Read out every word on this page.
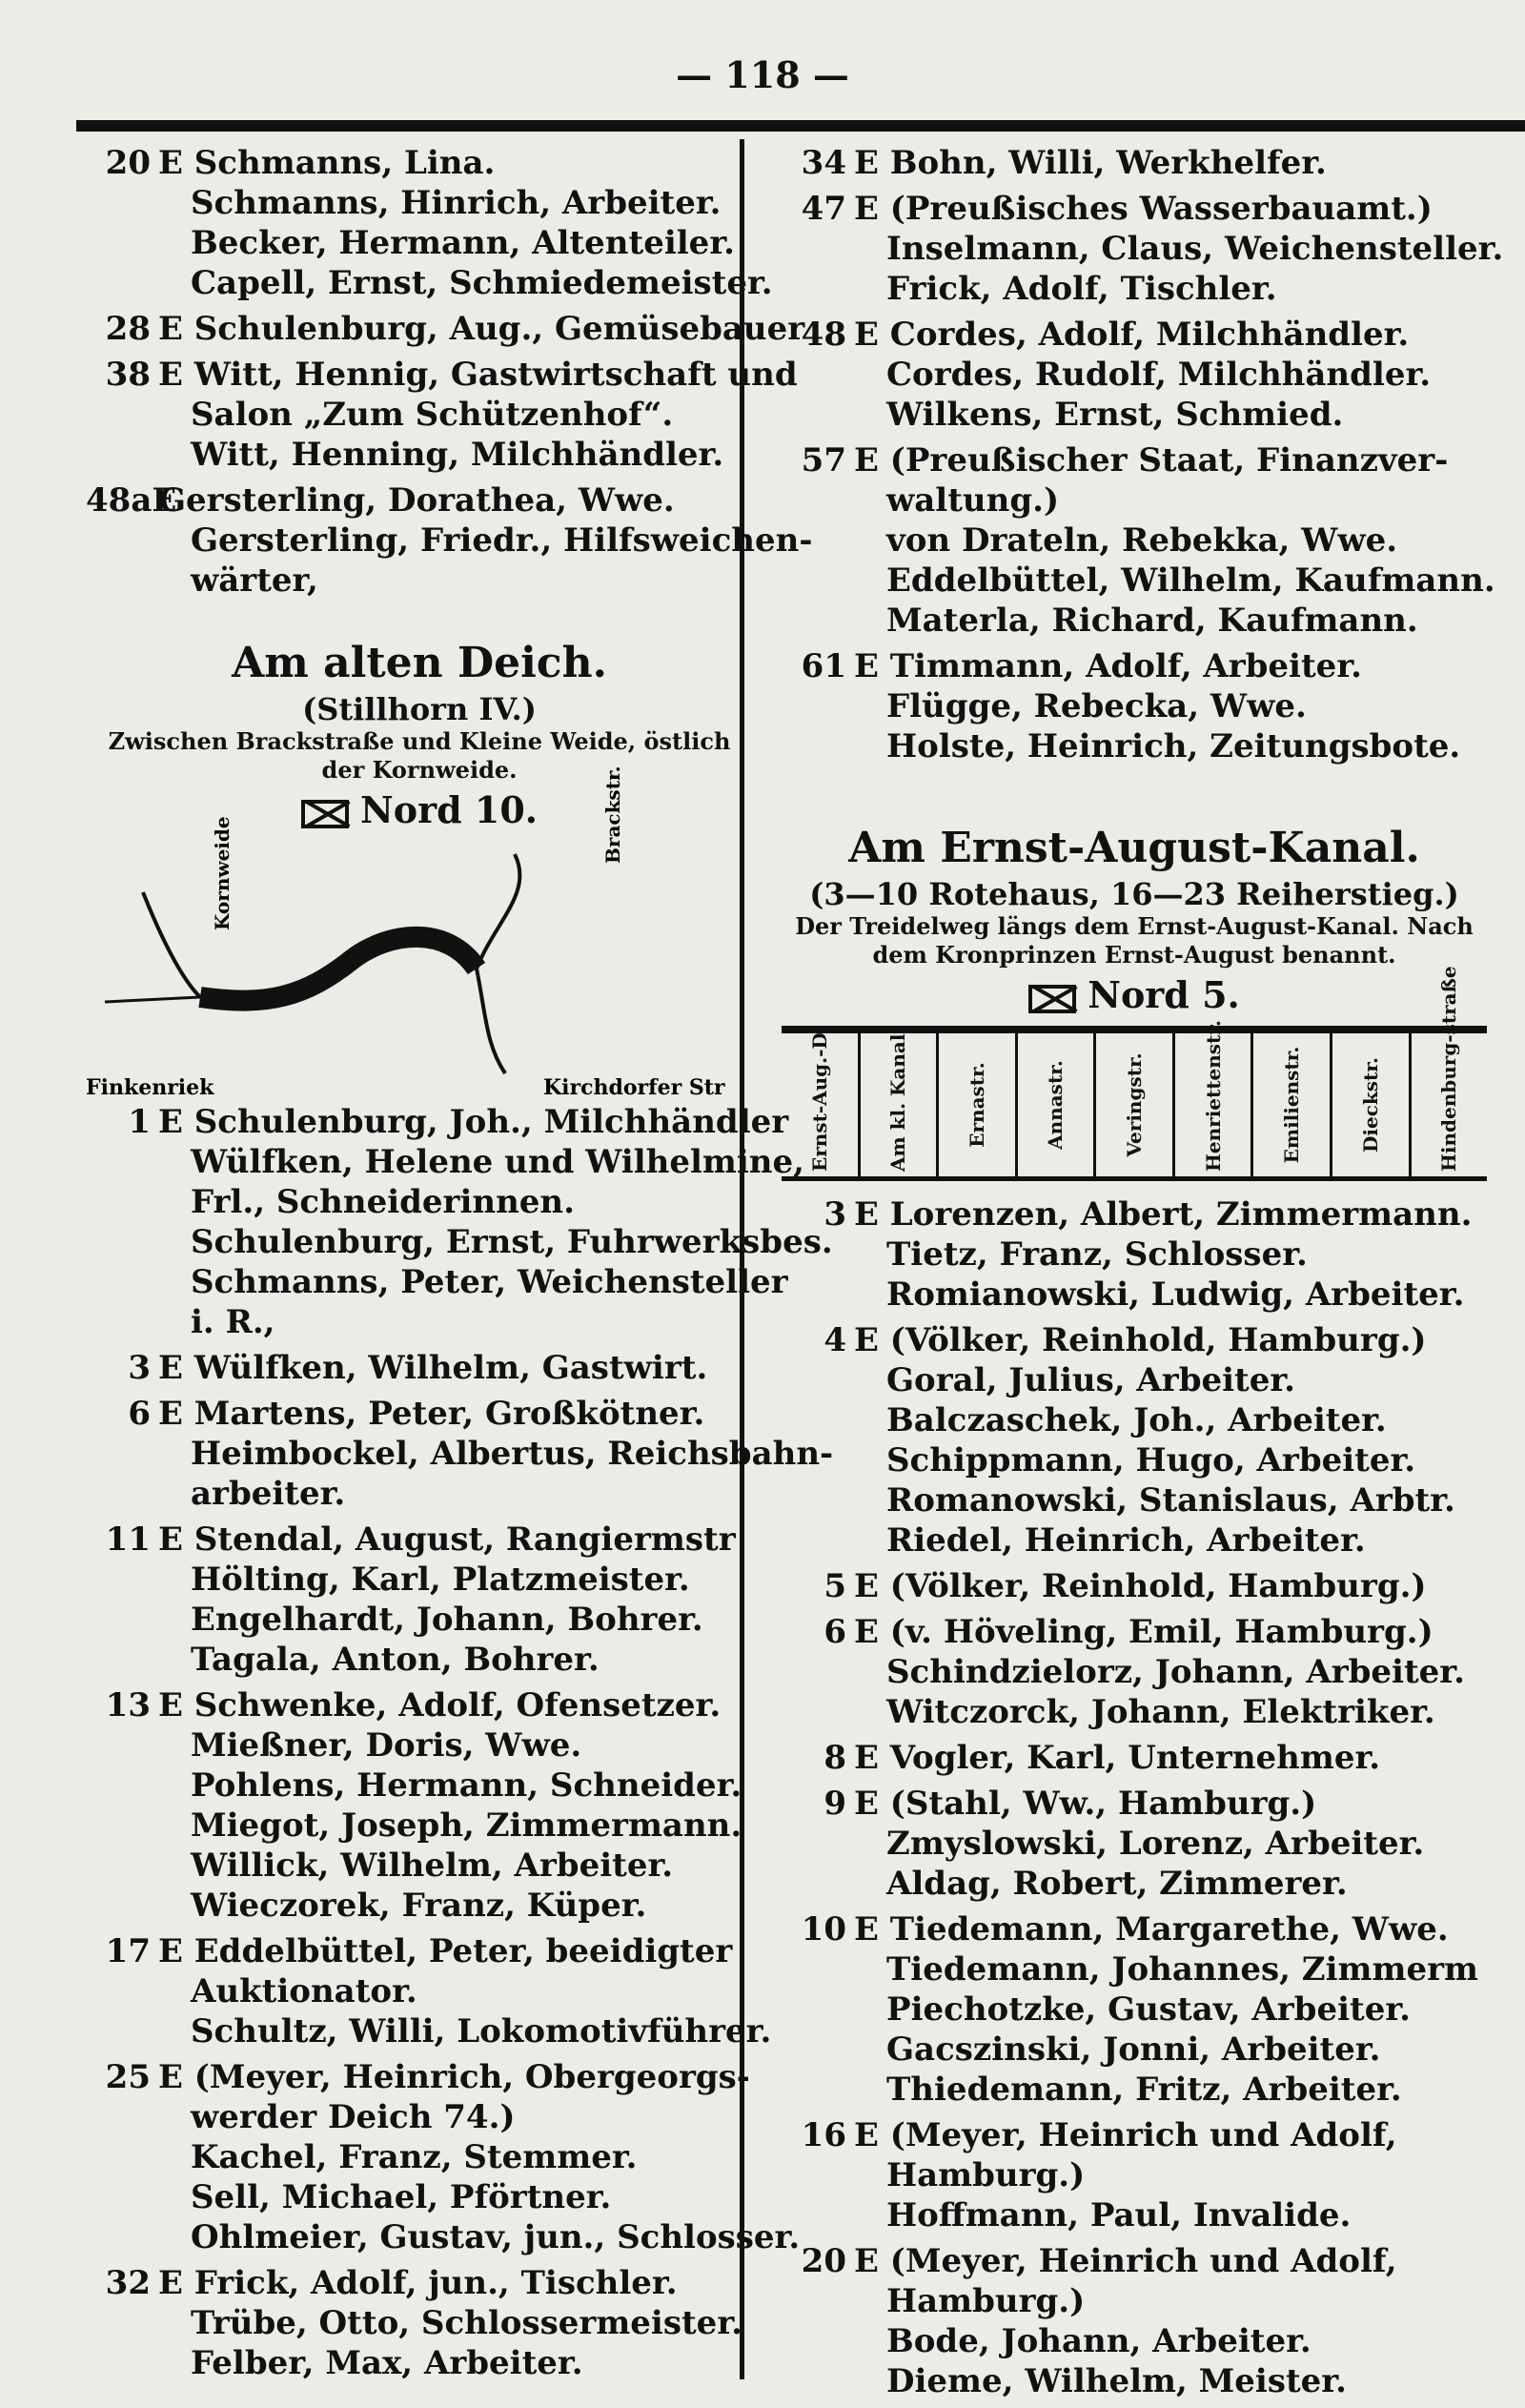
— 118 —
20 E Schmanns, Lina.
Schmanns, Hinrich, Arbeiter.
Becker, Hermann, Altenteiler.
Capell, Ernst, Schmiedemeister.
28 E Schulenburg, Aug., Gemüsebauer
38 E Witt, Hennig, Gastwirtschaft und
Salon „Zum Schützenhof“.
Witt, Henning, Milchhändler.
48aEGersterling, Dorathea, Wwe.
Gersterling, Friedr., Hilfsweichen-
wärter,
Am alten Deich.
(Stillhorn IV.)
Zwischen Brackstraße und Kleine Weide, östlich der Kornweide.
Nord 10.
Kornweide
Brackstr.
Finkenriek	Kirchdorfer Str
1 E Schulenburg, Joh., Milchhändler
Wülfken, Helene und Wilhelmine,
Frl., Schneiderinnen.
Schulenburg, Ernst, Fuhrwerksbes.
Schmanns, Peter, Weichensteller
i. R.,
3 E Wülfken, Wilhelm, Gastwirt.
6 E Martens, Peter, Großkötner.
Heimbockel, Albertus, Reichsbahn-
arbeiter.
11 E Stendal, August, Rangiermstr
Hölting, Karl, Platzmeister.
Engelhardt, Johann, Bohrer.
Tagala, Anton, Bohrer.
13 E Schwenke, Adolf, Ofensetzer.
Mießner, Doris, Wwe.
Pohlens, Hermann, Schneider.
Miegot, Joseph, Zimmermann.
Willick, Wilhelm, Arbeiter.
Wieczorek, Franz, Küper.
17 E Eddelbüttel, Peter, beeidigter
Auktionator.
Schultz, Willi, Lokomotivführer.
25 E (Meyer, Heinrich, Obergeorgs-
werder Deich 74.)
Kachel, Franz, Stemmer.
Sell, Michael, Pförtner.
Ohlmeier, Gustav, jun., Schlosser.
32 E Frick, Adolf, jun., Tischler.
Trübe, Otto, Schlossermeister.
Felber, Max, Arbeiter.
34 E Bohn, Willi, Werkhelfer.
47 E (Preußisches Wasserbauamt.)
Inselmann, Claus, Weichensteller.
Frick, Adolf, Tischler.
48 E Cordes, Adolf, Milchhändler.
Cordes, Rudolf, Milchhändler.
Wilkens, Ernst, Schmied.
57 E (Preußischer Staat, Finanzver-
waltung.)
von Drateln, Rebekka, Wwe.
Eddelbüttel, Wilhelm, Kaufmann.
Materla, Richard, Kaufmann.
61 E Timmann, Adolf, Arbeiter.
Flügge, Rebecka, Wwe.
Holste, Heinrich, Zeitungsbote.
Am Ernst-August-Kanal.
(3—10 Rotehaus, 16—23 Reiherstieg.)
Der Treidelweg längs dem Ernst-August-Kanal. Nach
dem Kronprinzen Ernst-August benannt.
Nord 5.
Ernst-Aug.-D.	Am kl. Kanal	Ernastr.	Annastr.	Veringstr.	Henriettenstr.	Emilienstr.	Dieckstr.	Hindenburg-straße
3 E Lorenzen, Albert, Zimmermann.
Tietz, Franz, Schlosser.
Romianowski, Ludwig, Arbeiter.
4 E (Völker, Reinhold, Hamburg.)
Goral, Julius, Arbeiter.
Balczaschek, Joh., Arbeiter.
Schippmann, Hugo, Arbeiter.
Romanowski, Stanislaus, Arbtr.
Riedel, Heinrich, Arbeiter.
5 E (Völker, Reinhold, Hamburg.)
6 E (v. Höveling, Emil, Hamburg.)
Schindzielorz, Johann, Arbeiter.
Witczorck, Johann, Elektriker.
8 E Vogler, Karl, Unternehmer.
9 E (Stahl, Ww., Hamburg.)
Zmyslowski, Lorenz, Arbeiter.
Aldag, Robert, Zimmerer.
10 E Tiedemann, Margarethe, Wwe.
Tiedemann, Johannes, Zimmerm
Piechotzke, Gustav, Arbeiter.
Gacszinski, Jonni, Arbeiter.
Thiedemann, Fritz, Arbeiter.
16 E (Meyer, Heinrich und Adolf,
Hamburg.)
Hoffmann, Paul, Invalide.
20 E (Meyer, Heinrich und Adolf,
Hamburg.)
Bode, Johann, Arbeiter.
Dieme, Wilhelm, Meister.
